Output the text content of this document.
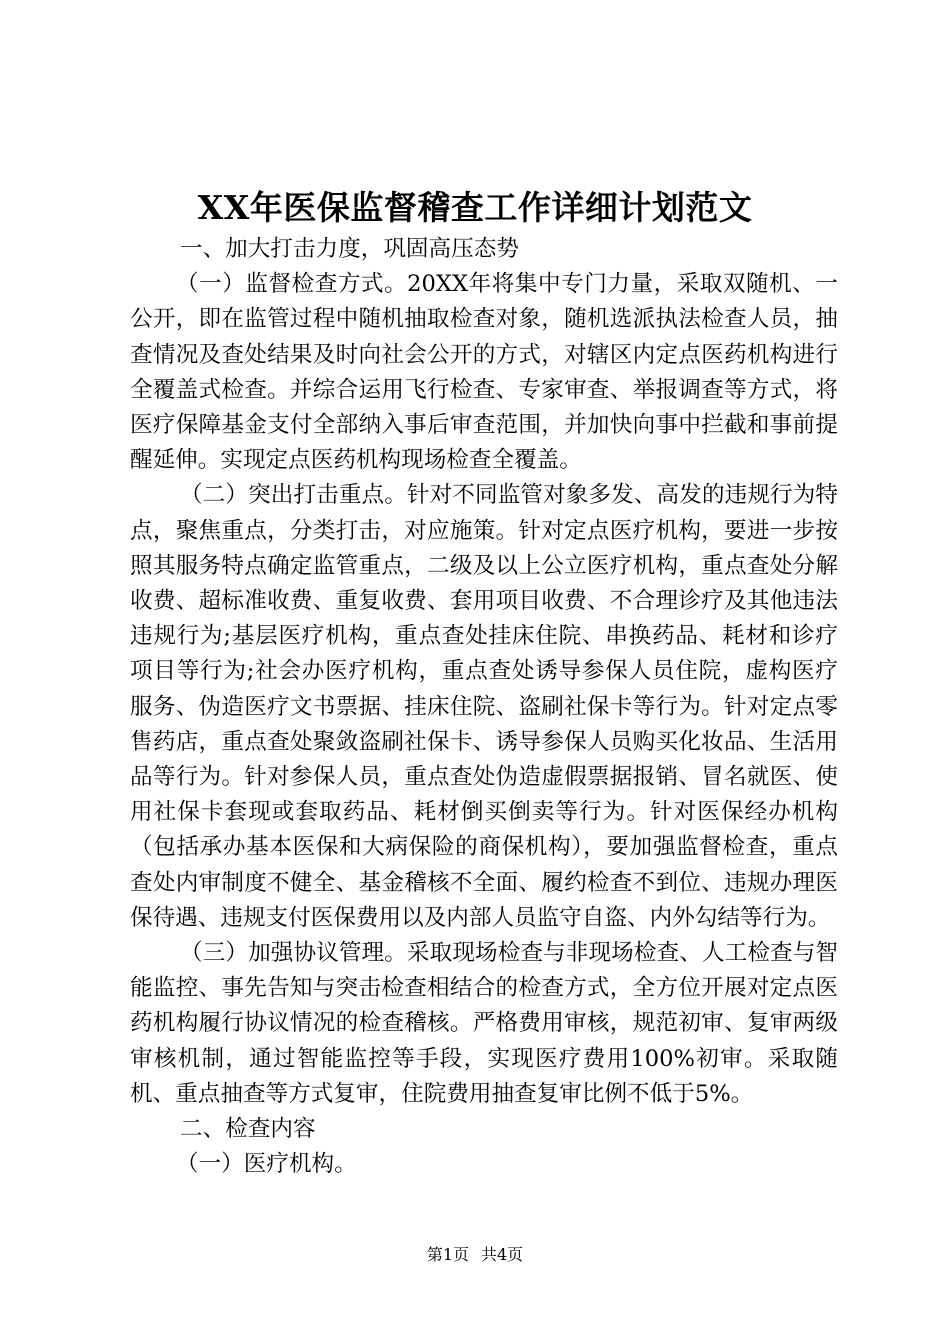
XX年医保监督稽查工作详细计划范文

一、加大打击力度，巩固高压态势

（一）监督检查方式。20XX年将集中专门力量，采取双随机、一公开，即在监管过程中随机抽取检查对象，随机选派执法检查人员，抽查情况及查处结果及时向社会公开的方式，对辖区内定点医药机构进行全覆盖式检查。并综合运用飞行检查、专家审查、举报调查等方式，将医疗保障基金支付全部纳入事后审查范围，并加快向事中拦截和事前提醒延伸。实现定点医药机构现场检查全覆盖。

（二）突出打击重点。针对不同监管对象多发、高发的违规行为特点，聚焦重点，分类打击，对应施策。针对定点医疗机构，要进一步按照其服务特点确定监管重点，二级及以上公立医疗机构，重点查处分解收费、超标准收费、重复收费、套用项目收费、不合理诊疗及其他违法违规行为;基层医疗机构，重点查处挂床住院、串换药品、耗材和诊疗项目等行为;社会办医疗机构，重点查处诱导参保人员住院，虚构医疗服务、伪造医疗文书票据、挂床住院、盗刷社保卡等行为。针对定点零售药店，重点查处聚敛盗刷社保卡、诱导参保人员购买化妆品、生活用品等行为。针对参保人员，重点查处伪造虚假票据报销、冒名就医、使用社保卡套现或套取药品、耗材倒买倒卖等行为。针对医保经办机构（包括承办基本医保和大病保险的商保机构），要加强监督检查，重点查处内审制度不健全、基金稽核不全面、履约检查不到位、违规办理医保待遇、违规支付医保费用以及内部人员监守自盗、内外勾结等行为。

（三）加强协议管理。采取现场检查与非现场检查、人工检查与智能监控、事先告知与突击检查相结合的检查方式，全方位开展对定点医药机构履行协议情况的检查稽核。严格费用审核，规范初审、复审两级审核机制，通过智能监控等手段，实现医疗费用100%初审。采取随机、重点抽查等方式复审，住院费用抽查复审比例不低于5%。

二、检查内容

（一）医疗机构。

第1页 共4页
